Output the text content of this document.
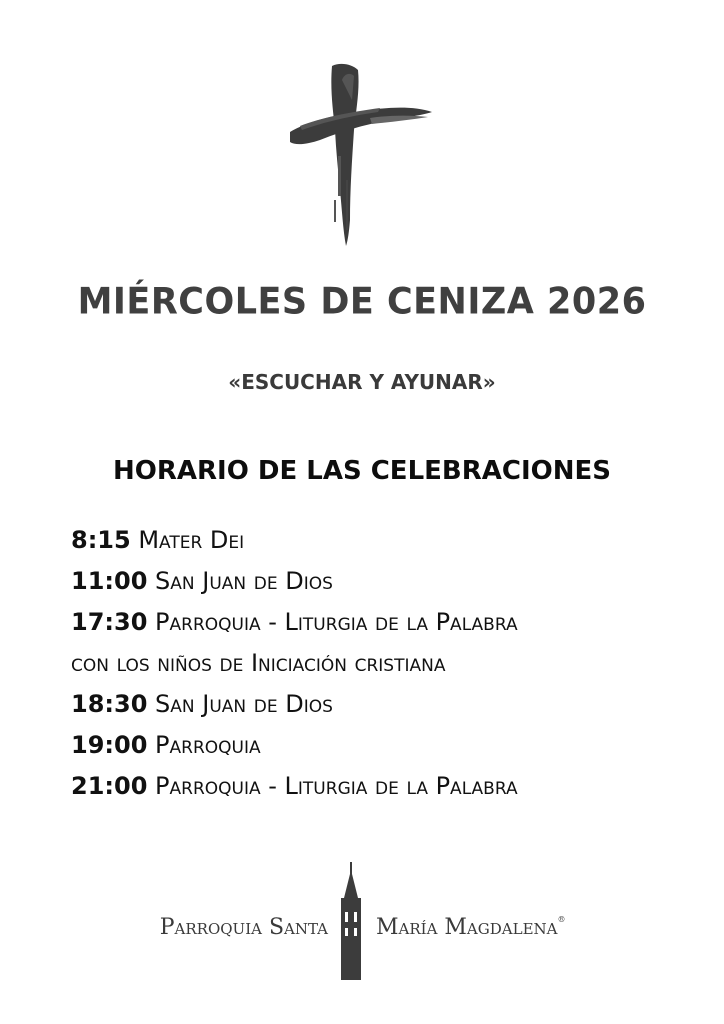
MIÉRCOLES DE CENIZA 2026
«ESCUCHAR Y AYUNAR»
HORARIO DE LAS CELEBRACIONES
8:15 Mater Dei
11:00 San Juan de Dios
17:30 Parroquia - Liturgia de la Palabra
con los niños de Iniciación cristiana
18:30 San Juan de Dios
19:00 Parroquia
21:00 Parroquia - Liturgia de la Palabra
Parroquia Santa María Magdalena®
